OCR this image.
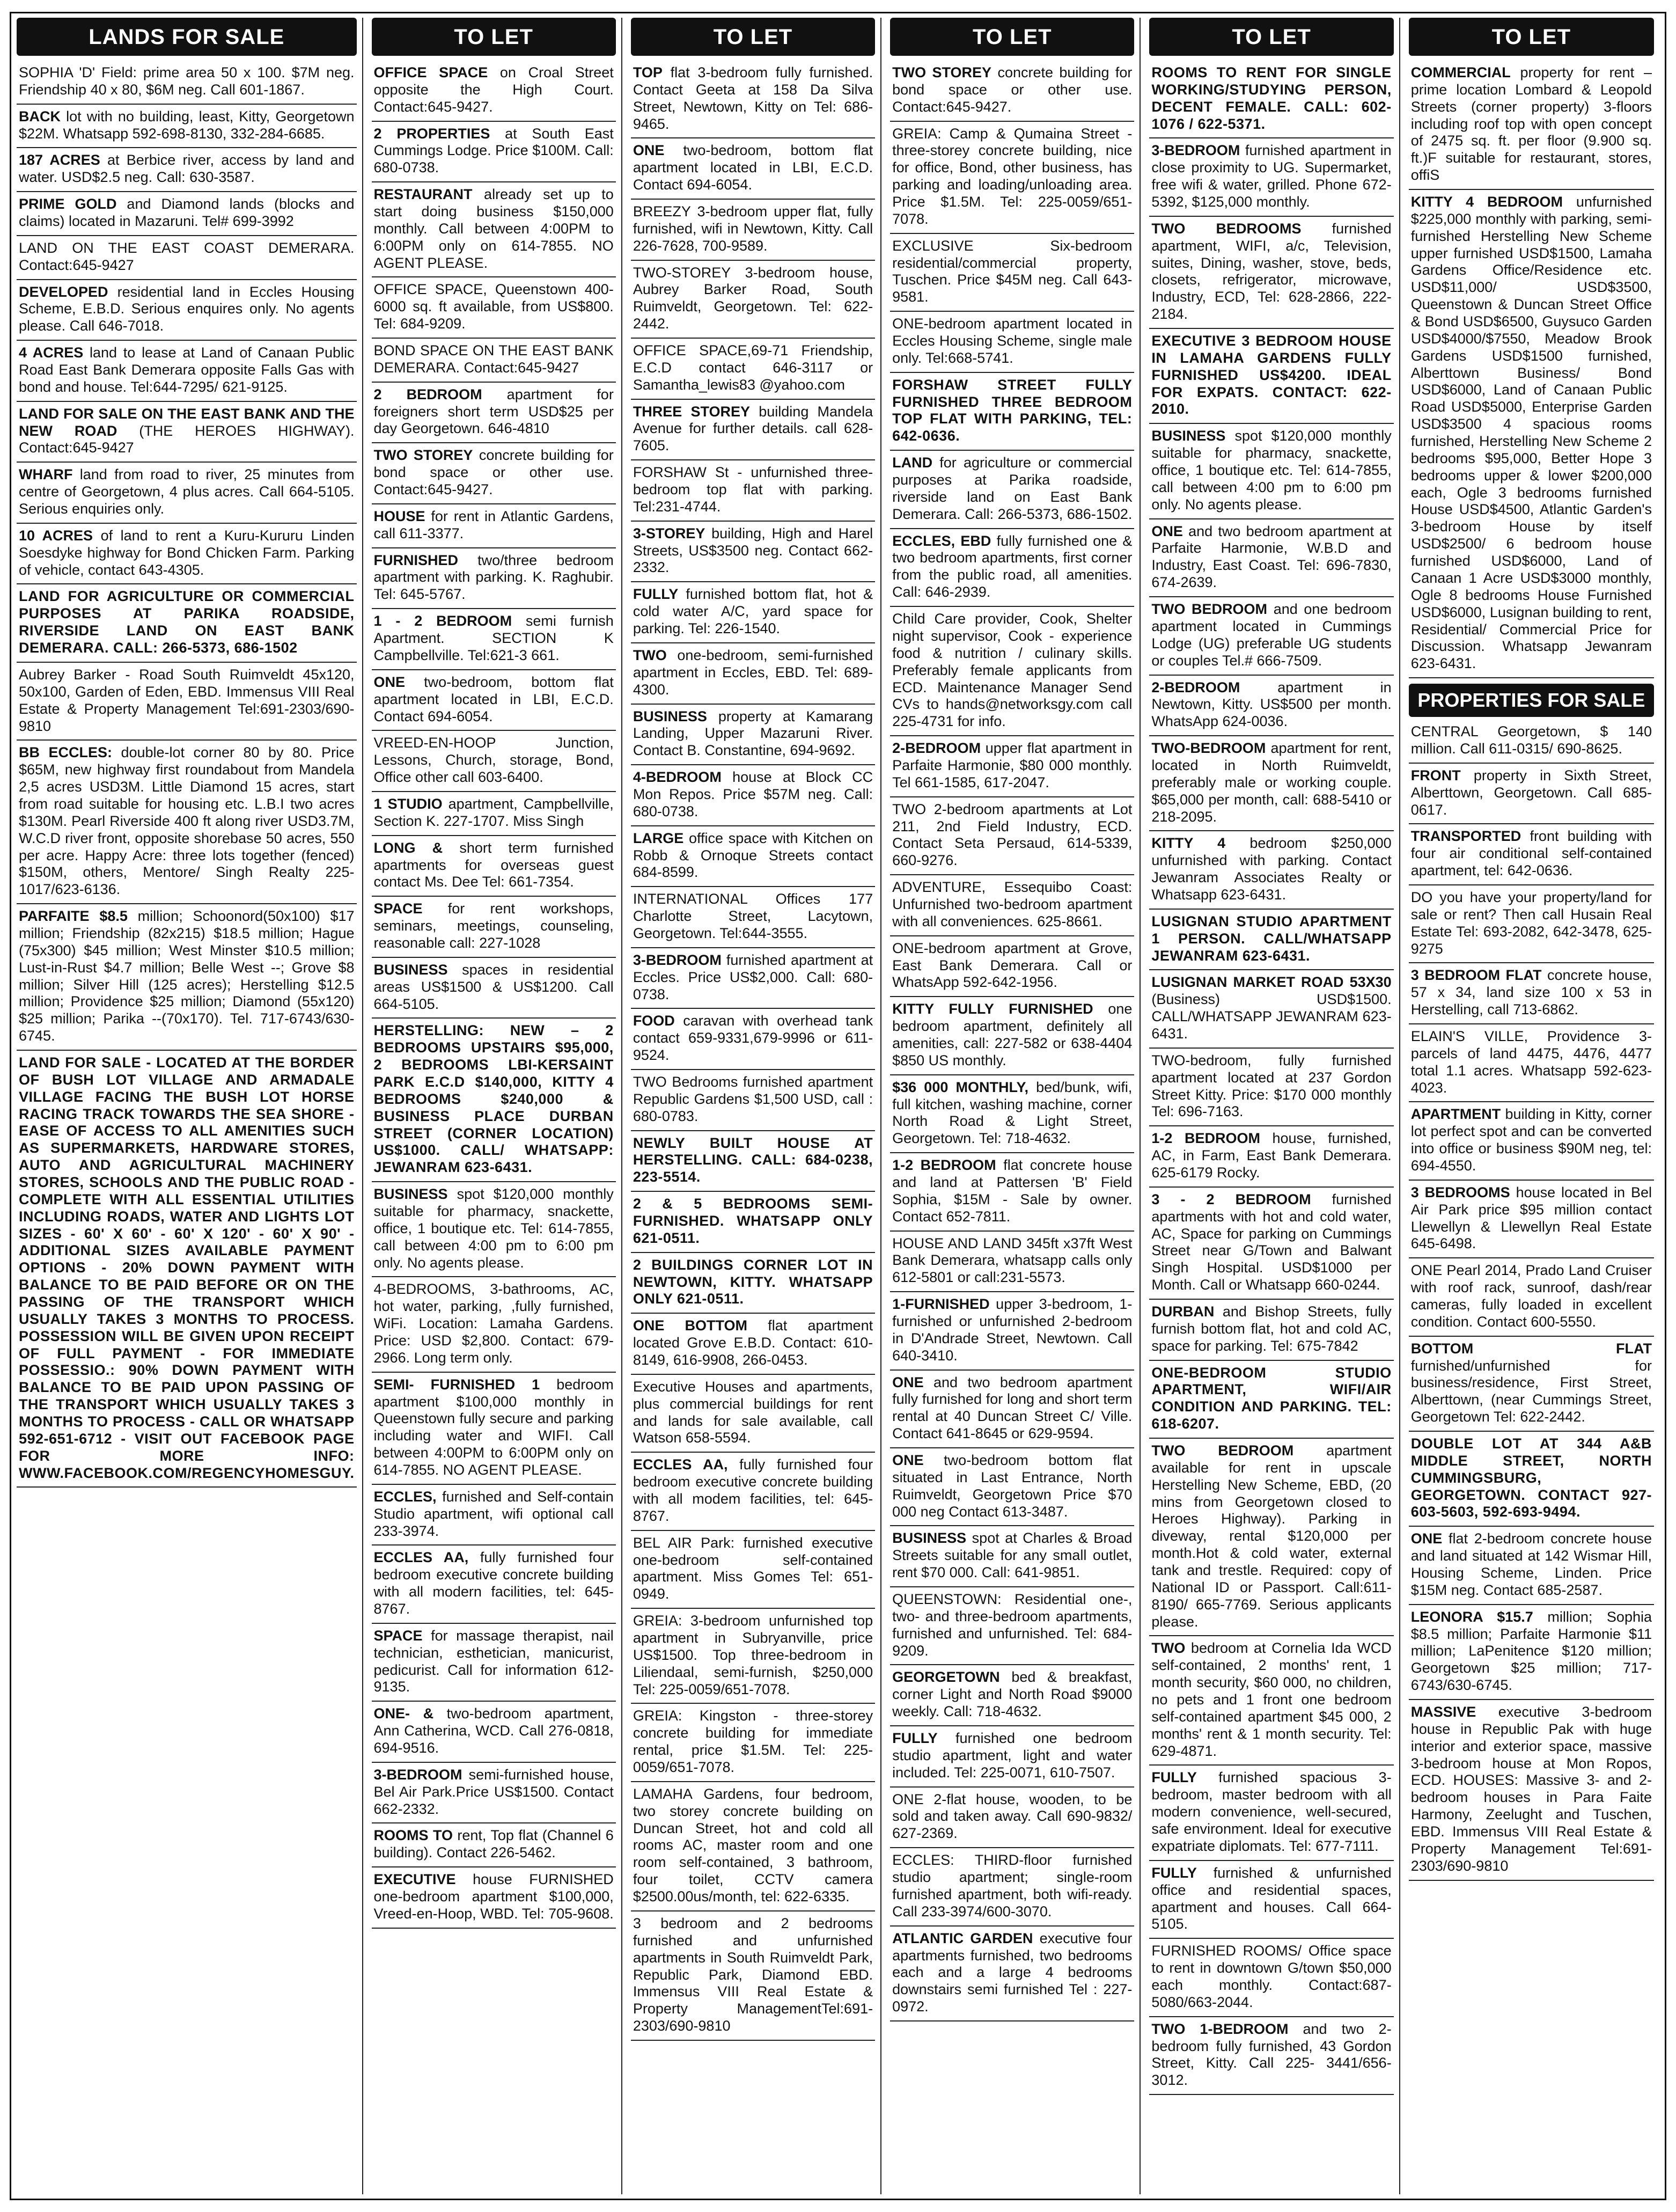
LANDS FOR SALE
SOPHIA 'D' Field: prime area 50 x 100. $7M neg. Friendship 40 x 80, $6M neg. Call 601-1867.
BACK lot with no building, least, Kitty, Georgetown $22M. Whatsapp 592-698-8130, 332-284-6685.
187 ACRES at Berbice river, access by land and water. USD$2.5 neg. Call: 630-3587.
PRIME GOLD and Diamond lands (blocks and claims) located in Mazaruni. Tel# 699-3992
LAND ON THE EAST COAST DEMERARA. Contact:645-9427
DEVELOPED residential land in Eccles Housing Scheme, E.B.D. Serious enquires only. No agents please. Call 646-7018.
4 ACRES land to lease at Land of Canaan Public Road East Bank Demerara opposite Falls Gas with bond and house. Tel:644-7295/ 621-9125.
LAND FOR SALE ON THE EAST BANK AND THE NEW ROAD (THE HEROES HIGHWAY). Contact:645-9427
WHARF land from road to river, 25 minutes from centre of Georgetown, 4 plus acres. Call 664-5105. Serious enquiries only.
10 ACRES of land to rent a Kuru-Kururu Linden Soesdyke highway for Bond Chicken Farm. Parking of vehicle, contact 643-4305.
LAND FOR AGRICULTURE OR COMMERCIAL PURPOSES AT PARIKA ROADSIDE, RIVERSIDE LAND ON EAST BANK DEMERARA. CALL: 266-5373, 686-1502
Aubrey Barker - Road South Ruimveldt 45x120, 50x100, Garden of Eden, EBD. Immensus VIII Real Estate & Property Management Tel:691-2303/690-9810
BB ECCLES: double-lot corner 80 by 80. Price $65M, new highway first roundabout from Mandela 2,5 acres USD3M. Little Diamond 15 acres, start from road suitable for housing etc. L.B.I two acres $130M. Pearl Riverside 400 ft along river USD3.7M, W.C.D river front, opposite shorebase 50 acres, 550 per acre. Happy Acre: three lots together (fenced) $150M, others, Mentore/ Singh Realty 225-1017/623-6136.
PARFAITE $8.5 million; Schoonord(50x100) $17 million; Friendship (82x215) $18.5 million; Hague (75x300) $45 million; West Minster $10.5 million; Lust-in-Rust $4.7 million; Belle West --; Grove $8 million; Silver Hill (125 acres); Herstelling $12.5 million; Providence $25 million; Diamond (55x120) $25 million; Parika --(70x170). Tel. 717-6743/630-6745.
LAND FOR SALE - LOCATED AT THE BORDER OF BUSH LOT VILLAGE AND ARMADALE VILLAGE FACING THE BUSH LOT HORSE RACING TRACK TOWARDS THE SEA SHORE - EASE OF ACCESS TO ALL AMENITIES SUCH AS SUPERMARKETS, HARDWARE STORES, AUTO AND AGRICULTURAL MACHINERY STORES, SCHOOLS AND THE PUBLIC ROAD - COMPLETE WITH ALL ESSENTIAL UTILITIES INCLUDING ROADS, WATER AND LIGHTS LOT SIZES - 60' X 60' - 60' X 120' - 60' X 90' - ADDITIONAL SIZES AVAILABLE PAYMENT OPTIONS - 20% DOWN PAYMENT WITH BALANCE TO BE PAID BEFORE OR ON THE PASSING OF THE TRANSPORT WHICH USUALLY TAKES 3 MONTHS TO PROCESS. POSSESSION WILL BE GIVEN UPON RECEIPT OF FULL PAYMENT - FOR IMMEDIATE POSSESSIO.: 90% DOWN PAYMENT WITH BALANCE TO BE PAID UPON PASSING OF THE TRANSPORT WHICH USUALLY TAKES 3 MONTHS TO PROCESS - CALL OR WHATSAPP 592-651-6712 - VISIT OUT FACEBOOK PAGE FOR MORE INFO: WWW.FACEBOOK.COM/REGENCYHOMESGUY.
TO LET
OFFICE SPACE on Croal Street opposite the High Court. Contact:645-9427.
2 PROPERTIES at South East Cummings Lodge. Price $100M. Call: 680-0738.
RESTAURANT already set up to start doing business $150,000 monthly. Call between 4:00PM to 6:00PM only on 614-7855. NO AGENT PLEASE.
OFFICE SPACE, Queenstown 400-6000 sq. ft available, from US$800. Tel: 684-9209.
BOND SPACE ON THE EAST BANK DEMERARA. Contact:645-9427
2 BEDROOM apartment for foreigners short term USD$25 per day Georgetown. 646-4810
TWO STOREY concrete building for bond space or other use. Contact:645-9427.
HOUSE for rent in Atlantic Gardens, call 611-3377.
FURNISHED two/three bedroom apartment with parking. K. Raghubir. Tel: 645-5767.
1 - 2 BEDROOM semi furnish Apartment. SECTION K Campbellville. Tel:621-3 661.
ONE two-bedroom, bottom flat apartment located in LBI, E.C.D. Contact 694-6054.
VREED-EN-HOOP Junction, Lessons, Church, storage, Bond, Office other call 603-6400.
1 STUDIO apartment, Campbellville, Section K. 227-1707. Miss Singh
LONG & short term furnished apartments for overseas guest contact Ms. Dee Tel: 661-7354.
SPACE for rent workshops, seminars, meetings, counseling, reasonable call: 227-1028
BUSINESS spaces in residential areas US$1500 & US$1200. Call 664-5105.
HERSTELLING: NEW – 2 BEDROOMS UPSTAIRS $95,000, 2 BEDROOMS LBI-KERSAINT PARK E.C.D $140,000, KITTY 4 BEDROOMS $240,000 & BUSINESS PLACE DURBAN STREET (CORNER LOCATION) US$1000. CALL/ WHATSAPP: JEWANRAM 623-6431.
BUSINESS spot $120,000 monthly suitable for pharmacy, snackette, office, 1 boutique etc. Tel: 614-7855, call between 4:00 pm to 6:00 pm only. No agents please.
4-BEDROOMS, 3-bathrooms, AC, hot water, parking, ,fully furnished, WiFi. Location: Lamaha Gardens. Price: USD $2,800. Contact: 679-2966. Long term only.
SEMI- FURNISHED 1 bedroom apartment $100,000 monthly in Queenstown fully secure and parking including water and WIFI. Call between 4:00PM to 6:00PM only on 614-7855. NO AGENT PLEASE.
ECCLES, furnished and Self-contain Studio apartment, wifi optional call 233-3974.
ECCLES AA, fully furnished four bedroom executive concrete building with all modern facilities, tel: 645-8767.
SPACE for massage therapist, nail technician, esthetician, manicurist, pedicurist. Call for information 612-9135.
ONE- & two-bedroom apartment, Ann Catherina, WCD. Call 276-0818, 694-9516.
3-BEDROOM semi-furnished house, Bel Air Park.Price US$1500. Contact 662-2332.
ROOMS TO rent, Top flat (Channel 6 building). Contact 226-5462.
EXECUTIVE house FURNISHED one-bedroom apartment $100,000, Vreed-en-Hoop, WBD. Tel: 705-9608.
TO LET
TOP flat 3-bedroom fully furnished. Contact Geeta at 158 Da Silva Street, Newtown, Kitty on Tel: 686-9465.
ONE two-bedroom, bottom flat apartment located in LBI, E.C.D. Contact 694-6054.
BREEZY 3-bedroom upper flat, fully furnished, wifi in Newtown, Kitty. Call 226-7628, 700-9589.
TWO-STOREY 3-bedroom house, Aubrey Barker Road, South Ruimveldt, Georgetown. Tel: 622-2442.
OFFICE SPACE,69-71 Friendship, E.C.D contact 646-3117 or Samantha_lewis83 @yahoo.com
THREE STOREY building Mandela Avenue for further details. call 628-7605.
FORSHAW St - unfurnished three-bedroom top flat with parking. Tel:231-4744.
3-STOREY building, High and Harel Streets, US$3500 neg. Contact 662-2332.
FULLY furnished bottom flat, hot & cold water A/C, yard space for parking. Tel: 226-1540.
TWO one-bedroom, semi-furnished apartment in Eccles, EBD. Tel: 689-4300.
BUSINESS property at Kamarang Landing, Upper Mazaruni River. Contact B. Constantine, 694-9692.
4-BEDROOM house at Block CC Mon Repos. Price $57M neg. Call: 680-0738.
LARGE office space with Kitchen on Robb & Ornoque Streets contact 684-8599.
INTERNATIONAL Offices 177 Charlotte Street, Lacytown, Georgetown. Tel:644-3555.
3-BEDROOM furnished apartment at Eccles. Price US$2,000. Call: 680-0738.
FOOD caravan with overhead tank contact 659-9331,679-9996 or 611-9524.
TWO Bedrooms furnished apartment Republic Gardens $1,500 USD, call : 680-0783.
NEWLY BUILT HOUSE AT HERSTELLING. CALL: 684-0238, 223-5514.
2 & 5 BEDROOMS SEMI-FURNISHED. WHATSAPP ONLY 621-0511.
2 BUILDINGS CORNER LOT IN NEWTOWN, KITTY. WHATSAPP ONLY 621-0511.
ONE BOTTOM flat apartment located Grove E.B.D. Contact: 610-8149, 616-9908, 266-0453.
Executive Houses and apartments, plus commercial buildings for rent and lands for sale available, call Watson 658-5594.
ECCLES AA, fully furnished four bedroom executive concrete building with all modem facilities, tel: 645-8767.
BEL AIR Park: furnished executive one-bedroom self-contained apartment. Miss Gomes Tel: 651-0949.
GREIA: 3-bedroom unfurnished top apartment in Subryanville, price US$1500. Top three-bedroom in Liliendaal, semi-furnish, $250,000 Tel: 225-0059/651-7078.
GREIA: Kingston - three-storey concrete building for immediate rental, price $1.5M. Tel: 225-0059/651-7078.
LAMAHA Gardens, four bedroom, two storey concrete building on Duncan Street, hot and cold all rooms AC, master room and one room self-contained, 3 bathroom, four toilet, CCTV camera $2500.00us/month, tel: 622-6335.
3 bedroom and 2 bedrooms furnished and unfurnished apartments in South Ruimveldt Park, Republic Park, Diamond EBD. Immensus VIII Real Estate & Property ManagementTel:691-2303/690-9810
TO LET
TWO STOREY concrete building for bond space or other use. Contact:645-9427.
GREIA: Camp & Qumaina Street - three-storey concrete building, nice for office, Bond, other business, has parking and loading/unloading area. Price $1.5M. Tel: 225-0059/651-7078.
EXCLUSIVE Six-bedroom residential/commercial property, Tuschen. Price $45M neg. Call 643-9581.
ONE-bedroom apartment located in Eccles Housing Scheme, single male only. Tel:668-5741.
FORSHAW STREET FULLY FURNISHED THREE BEDROOM TOP FLAT WITH PARKING, TEL: 642-0636.
LAND for agriculture or commercial purposes at Parika roadside, riverside land on East Bank Demerara. Call: 266-5373, 686-1502.
ECCLES, EBD fully furnished one & two bedroom apartments, first corner from the public road, all amenities. Call: 646-2939.
Child Care provider, Cook, Shelter night supervisor, Cook - experience food & nutrition / culinary skills. Preferably female applicants from ECD. Maintenance Manager Send CVs to hands@networksgy.com call 225-4731 for info.
2-BEDROOM upper flat apartment in Parfaite Harmonie, $80 000 monthly. Tel 661-1585, 617-2047.
TWO 2-bedroom apartments at Lot 211, 2nd Field Industry, ECD. Contact Seta Persaud, 614-5339, 660-9276.
ADVENTURE, Essequibo Coast: Unfurnished two-bedroom apartment with all conveniences. 625-8661.
ONE-bedroom apartment at Grove, East Bank Demerara. Call or WhatsApp 592-642-1956.
KITTY FULLY FURNISHED one bedroom apartment, definitely all amenities, call: 227-582 or 638-4404 $850 US monthly.
$36 000 MONTHLY, bed/bunk, wifi, full kitchen, washing machine, corner North Road & Light Street, Georgetown. Tel: 718-4632.
1-2 BEDROOM flat concrete house and land at Pattersen 'B' Field Sophia, $15M - Sale by owner. Contact 652-7811.
HOUSE AND LAND 345ft x37ft West Bank Demerara, whatsapp calls only 612-5801 or call:231-5573.
1-FURNISHED upper 3-bedroom, 1-furnished or unfurnished 2-bedroom in D'Andrade Street, Newtown. Call 640-3410.
ONE and two bedroom apartment fully furnished for long and short term rental at 40 Duncan Street C/ Ville. Contact 641-8645 or 629-9594.
ONE two-bedroom bottom flat situated in Last Entrance, North Ruimveldt, Georgetown Price $70 000 neg Contact 613-3487.
BUSINESS spot at Charles & Broad Streets suitable for any small outlet, rent $70 000. Call: 641-9851.
QUEENSTOWN: Residential one-, two- and three-bedroom apartments, furnished and unfurnished. Tel: 684-9209.
GEORGETOWN bed & breakfast, corner Light and North Road $9000 weekly. Call: 718-4632.
FULLY furnished one bedroom studio apartment, light and water included. Tel: 225-0071, 610-7507.
ONE 2-flat house, wooden, to be sold and taken away. Call 690-9832/ 627-2369.
ECCLES: THIRD-floor furnished studio apartment; single-room furnished apartment, both wifi-ready. Call 233-3974/600-3070.
ATLANTIC GARDEN executive four apartments furnished, two bedrooms each and a large 4 bedrooms downstairs semi furnished Tel : 227-0972.
TO LET
ROOMS TO RENT FOR SINGLE WORKING/STUDYING PERSON, DECENT FEMALE. CALL: 602-1076 / 622-5371.
3-BEDROOM furnished apartment in close proximity to UG. Supermarket, free wifi & water, grilled. Phone 672-5392, $125,000 monthly.
TWO BEDROOMS furnished apartment, WIFI, a/c, Television, suites, Dining, washer, stove, beds, closets, refrigerator, microwave, Industry, ECD, Tel: 628-2866, 222-2184.
EXECUTIVE 3 BEDROOM HOUSE IN LAMAHA GARDENS FULLY FURNISHED US$4200. IDEAL FOR EXPATS. CONTACT: 622-2010.
BUSINESS spot $120,000 monthly suitable for pharmacy, snackette, office, 1 boutique etc. Tel: 614-7855, call between 4:00 pm to 6:00 pm only. No agents please.
ONE and two bedroom apartment at Parfaite Harmonie, W.B.D and Industry, East Coast. Tel: 696-7830, 674-2639.
TWO BEDROOM and one bedroom apartment located in Cummings Lodge (UG) preferable UG students or couples Tel.# 666-7509.
2-BEDROOM apartment in Newtown, Kitty. US$500 per month. WhatsApp 624-0036.
TWO-BEDROOM apartment for rent, located in North Ruimveldt, preferably male or working couple. $65,000 per month, call: 688-5410 or 218-2095.
KITTY 4 bedroom $250,000 unfurnished with parking. Contact Jewanram Associates Realty or Whatsapp 623-6431.
LUSIGNAN STUDIO APARTMENT 1 PERSON. CALL/WHATSAPP JEWANRAM 623-6431.
LUSIGNAN MARKET ROAD 53X30 (Business) USD$1500. CALL/WHATSAPP JEWANRAM 623-6431.
TWO-bedroom, fully furnished apartment located at 237 Gordon Street Kitty. Price: $170 000 monthly Tel: 696-7163.
1-2 BEDROOM house, furnished, AC, in Farm, East Bank Demerara. 625-6179 Rocky.
3 - 2 BEDROOM furnished apartments with hot and cold water, AC, Space for parking on Cummings Street near G/Town and Balwant Singh Hospital. USD$1000 per Month. Call or Whatsapp 660-0244.
DURBAN and Bishop Streets, fully furnish bottom flat, hot and cold AC, space for parking. Tel: 675-7842
ONE-BEDROOM STUDIO APARTMENT, WIFI/AIR CONDITION AND PARKING. TEL: 618-6207.
TWO BEDROOM apartment available for rent in upscale Herstelling New Scheme, EBD, (20 mins from Georgetown closed to Heroes Highway). Parking in diveway, rental $120,000 per month.Hot & cold water, external tank and trestle. Required: copy of National ID or Passport. Call:611-8190/ 665-7769. Serious applicants please.
TWO bedroom at Cornelia Ida WCD self-contained, 2 months' rent, 1 month security, $60 000, no children, no pets and 1 front one bedroom self-contained apartment $45 000, 2 months' rent & 1 month security. Tel: 629-4871.
FULLY furnished spacious 3-bedroom, master bedroom with all modern convenience, well-secured, safe environment. Ideal for executive expatriate diplomats. Tel: 677-7111.
FULLY furnished & unfurnished office and residential spaces, apartment and houses. Call 664-5105.
FURNISHED ROOMS/ Office space to rent in downtown G/town $50,000 each monthly. Contact:687-5080/663-2044.
TWO 1-BEDROOM and two 2-bedroom fully furnished, 43 Gordon Street, Kitty. Call 225- 3441/656-3012.
TO LET
COMMERCIAL property for rent – prime location Lombard & Leopold Streets (corner property) 3-floors including roof top with open concept of 2475 sq. ft. per floor (9.900 sq. ft.)F suitable for restaurant, stores, offiS
KITTY 4 BEDROOM unfurnished $225,000 monthly with parking, semi-furnished Herstelling New Scheme upper furnished USD$1500, Lamaha Gardens Office/Residence etc. USD$11,000/ USD$3500, Queenstown & Duncan Street Office & Bond USD$6500, Guysuco Garden USD$4000/$7550, Meadow Brook Gardens USD$1500 furnished, Alberttown Business/ Bond USD$6000, Land of Canaan Public Road USD$5000, Enterprise Garden USD$3500 4 spacious rooms furnished, Herstelling New Scheme 2 bedrooms $95,000, Better Hope 3 bedrooms upper & lower $200,000 each, Ogle 3 bedrooms furnished House USD$4500, Atlantic Garden's 3-bedroom House by itself USD$2500/ 6 bedroom house furnished USD$6000, Land of Canaan 1 Acre USD$3000 monthly, Ogle 8 bedrooms House Furnished USD$6000, Lusignan building to rent, Residential/ Commercial Price for Discussion. Whatsapp Jewanram 623-6431.
PROPERTIES FOR SALE
CENTRAL Georgetown, $ 140 million. Call 611-0315/ 690-8625.
FRONT property in Sixth Street, Alberttown, Georgetown. Call 685-0617.
TRANSPORTED front building with four air conditional self-contained apartment, tel: 642-0636.
DO you have your property/land for sale or rent? Then call Husain Real Estate Tel: 693-2082, 642-3478, 625-9275
3 BEDROOM FLAT concrete house, 57 x 34, land size 100 x 53 in Herstelling, call 713-6862.
ELAIN'S VILLE, Providence 3-parcels of land 4475, 4476, 4477 total 1.1 acres. Whatsapp 592-623-4023.
APARTMENT building in Kitty, corner lot perfect spot and can be converted into office or business $90M neg, tel: 694-4550.
3 BEDROOMS house located in Bel Air Park price $95 million contact Llewellyn & Llewellyn Real Estate 645-6498.
ONE Pearl 2014, Prado Land Cruiser with roof rack, sunroof, dash/rear cameras, fully loaded in excellent condition. Contact 600-5550.
BOTTOM FLAT furnished/unfurnished for business/residence, First Street, Alberttown, (near Cummings Street, Georgetown Tel: 622-2442.
DOUBLE LOT AT 344 A&B MIDDLE STREET, NORTH CUMMINGSBURG, GEORGETOWN. CONTACT 927-603-5603, 592-693-9494.
ONE flat 2-bedroom concrete house and land situated at 142 Wismar Hill, Housing Scheme, Linden. Price $15M neg. Contact 685-2587.
LEONORA $15.7 million; Sophia $8.5 million; Parfaite Harmonie $11 million; LaPenitence $120 million; Georgetown $25 million; 717-6743/630-6745.
MASSIVE executive 3-bedroom house in Republic Pak with huge interior and exterior space, massive 3-bedroom house at Mon Ropos, ECD. HOUSES: Massive 3- and 2-bedroom houses in Para Faite Harmony, Zeelught and Tuschen, EBD. Immensus VIII Real Estate & Property Management Tel:691-2303/690-9810
